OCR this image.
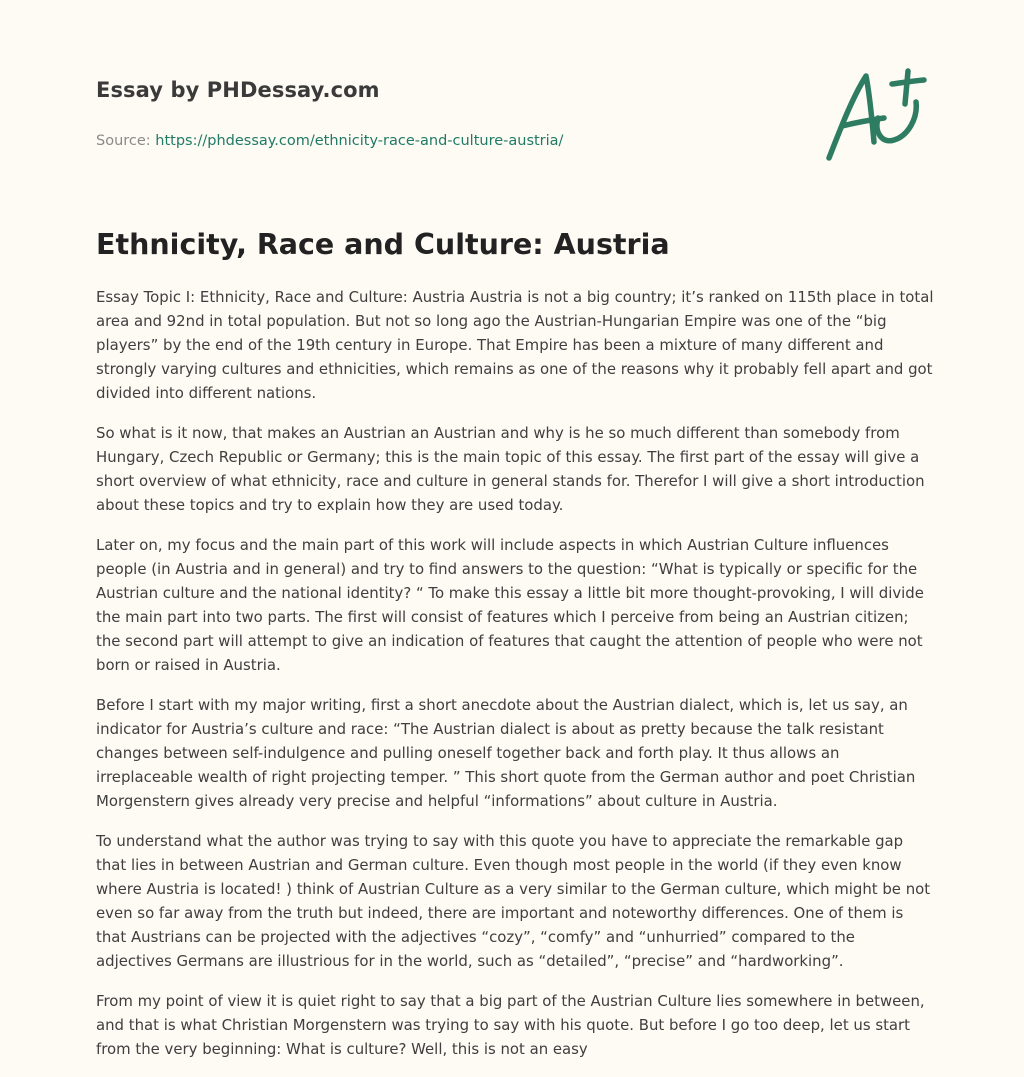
Essay by PHDessay.com
Source: https://phdessay.com/ethnicity-race-and-culture-austria/
Ethnicity, Race and Culture: Austria

Essay Topic I: Ethnicity, Race and Culture: Austria Austria is not a big country; it’s ranked on 115th place in total area and 92nd in total population. But not so long ago the Austrian-Hungarian Empire was one of the “big players” by the end of the 19th century in Europe. That Empire has been a mixture of many different and strongly varying cultures and ethnicities, which remains as one of the reasons why it probably fell apart and got divided into different nations.

So what is it now, that makes an Austrian an Austrian and why is he so much different than somebody from Hungary, Czech Republic or Germany; this is the main topic of this essay. The first part of the essay will give a short overview of what ethnicity, race and culture in general stands for. Therefor I will give a short introduction about these topics and try to explain how they are used today.

Later on, my focus and the main part of this work will include aspects in which Austrian Culture influences people (in Austria and in general) and try to find answers to the question: “What is typically or specific for the Austrian culture and the national identity? “ To make this essay a little bit more thought-provoking, I will divide the main part into two parts. The first will consist of features which I perceive from being an Austrian citizen; the second part will attempt to give an indication of features that caught the attention of people who were not born or raised in Austria.

Before I start with my major writing, first a short anecdote about the Austrian dialect, which is, let us say, an indicator for Austria’s culture and race: “The Austrian dialect is about as pretty because the talk resistant changes between self-indulgence and pulling oneself together back and forth play. It thus allows an irreplaceable wealth of right projecting temper. ” This short quote from the German author and poet Christian Morgenstern gives already very precise and helpful “informations” about culture in Austria.

To understand what the author was trying to say with this quote you have to appreciate the remarkable gap that lies in between Austrian and German culture. Even though most people in the world (if they even know where Austria is located! ) think of Austrian Culture as a very similar to the German culture, which might be not even so far away from the truth but indeed, there are important and noteworthy differences. One of them is that Austrians can be projected with the adjectives “cozy”, “comfy” and “unhurried” compared to the adjectives Germans are illustrious for in the world, such as “detailed”, “precise” and “hardworking”.

From my point of view it is quiet right to say that a big part of the Austrian Culture lies somewhere in between, and that is what Christian Morgenstern was trying to say with his quote. But before I go too deep, let us start from the very beginning: What is culture? Well, this is not an easy
